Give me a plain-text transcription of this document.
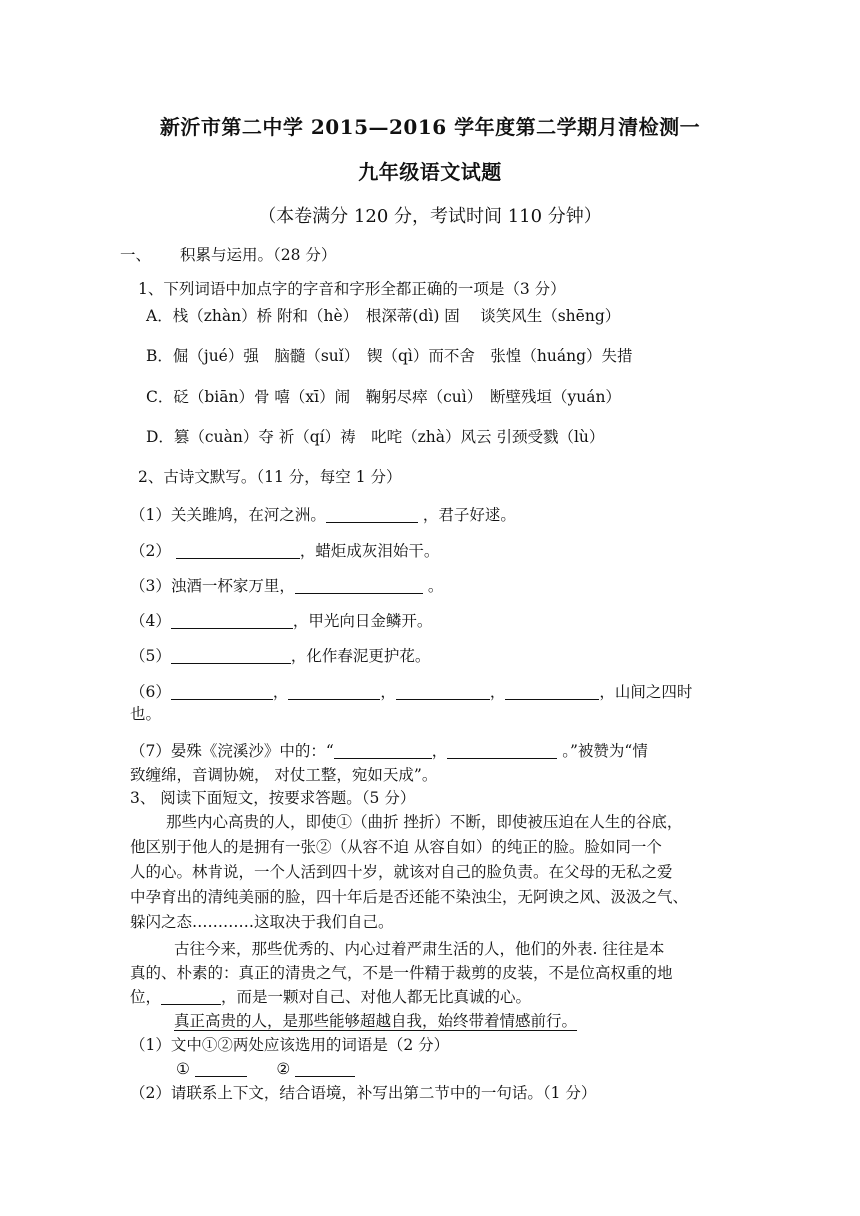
新沂市第二中学 2015—2016 学年度第二学期月清检测一
九年级语文试题
（本卷满分 120 分，考试时间 110 分钟）
一、 积累与运用。（28 分）
1、下列词语中加点字的字音和字形全都正确的一项是（3 分）
A．栈（zhàn）桥 附和（hè）　根深蒂(dì) 固　 谈笑风生（shēng）
B．倔（jué）强　脑髓（suǐ）　锲（qì）而不舍　张惶（huáng）失措
C．砭（biān）骨 嘻（xī）闹　鞠躬尽瘁（cuì）　断壁残垣（yuán）
D．篡（cuàn）夺 祈（qí）祷　叱咤（zhà）风云 引颈受戮（lù）
2、古诗文默写。（11 分，每空 1 分）
（1）关关雎鸠，在河之洲。	，君子好逑。
（2）	，蜡炬成灰泪始干。
（3）浊酒一杯家万里，	。
（4）	，甲光向日金鳞开。
（5）	，化作春泥更护花。
（6）	，	，	，	，山间之四时
也。
（7）晏殊《浣溪沙》中的：“	，	。”被赞为“情
致缠绵，音调协婉， 对仗工整，宛如天成”。
3、 阅读下面短文，按要求答题。（5 分）
那些内心高贵的人，即使①（曲折 挫折）不断，即使被压迫在人生的谷底，
他区别于他人的是拥有一张②（从容不迫 从容自如）的纯正的脸。脸如同一个
人的心。林肯说，一个人活到四十岁，就该对自己的脸负责。在父母的无私之爱
中孕育出的清纯美丽的脸，四十年后是否还能不染浊尘，无阿谀之风、汲汲之气、
躲闪之态…………这取决于我们自己。
古往今来，那些优秀的、内心过着严肃生活的人，他们的外表. 往往是本
真的、朴素的：真正的清贵之气，不是一件精于裁剪的皮装，不是位高权重的地
位，	，而是一颗对自己、对他人都无比真诚的心。
真正高贵的人，是那些能够超越自我，始终带着情感前行。
（1）文中①②两处应该选用的词语是（2 分）
①	②
（2）请联系上下文，结合语境，补写出第二节中的一句话。（1 分）
